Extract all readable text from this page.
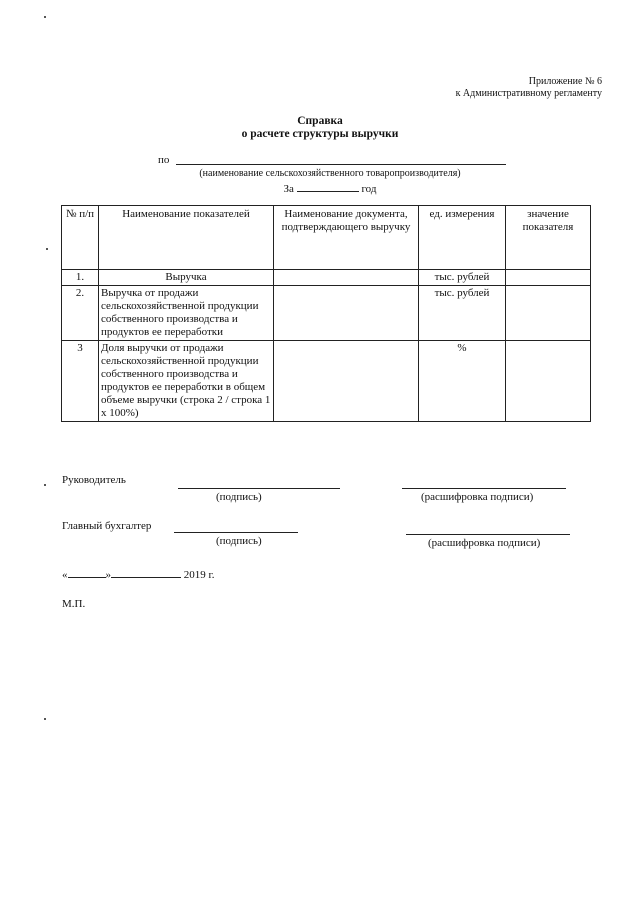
Приложение № 6
к Административному регламенту
Справка
о расчете структуры выручки
по
(наименование сельскохозяйственного товаропроизводителя)
За	год
№ п/п	Наименование показателей	Наименование документа, подтверждающего выручку	ед. измерения	значение показателя
1.	Выручка		тыс. рублей	
2.	Выручка от продажи сельскохозяйственной продукции собственного производства и продуктов ее переработки		тыс. рублей	
3	Доля выручки от продажи сельскохозяйственной продукции собственного производства и продуктов ее переработки в общем объеме выручки (строка 2 / строка 1 х 100%)		%	
Руководитель
(подпись)	(расшифровка подписи)
Главный бухгалтер
(подпись)	(расшифровка подписи)
«	»	2019 г.
М.П.
